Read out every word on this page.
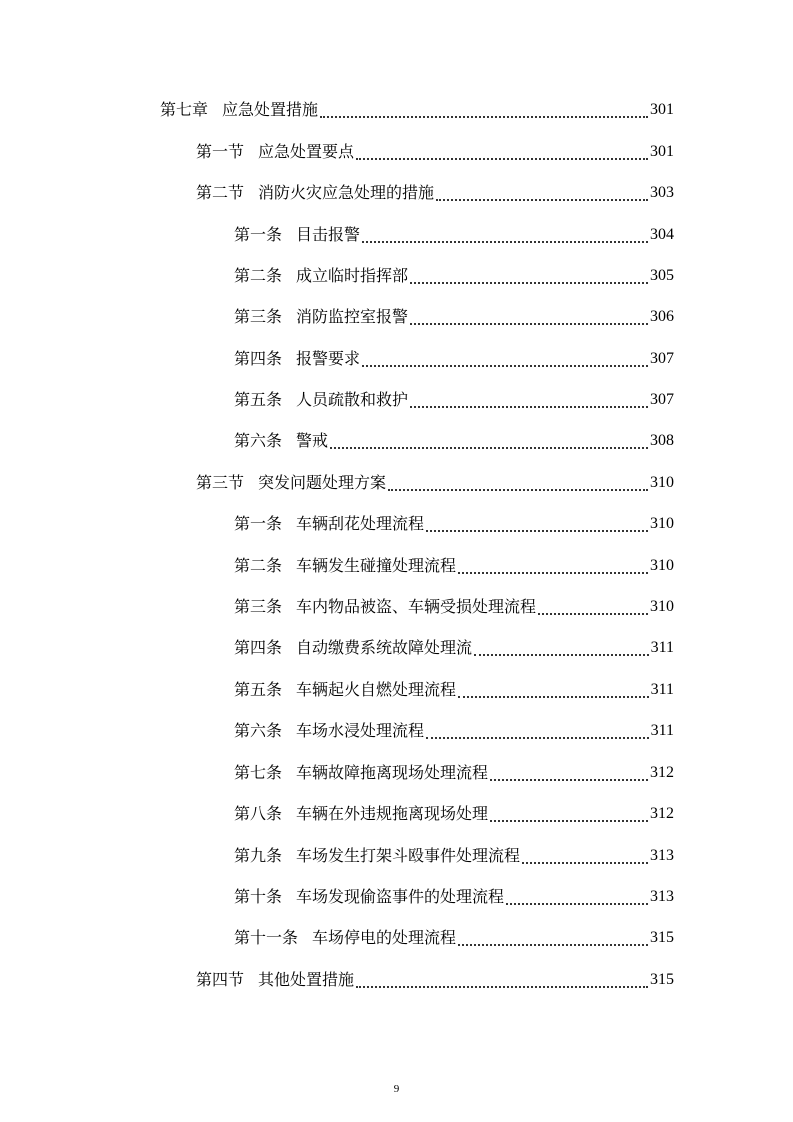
第七章 应急处置措施	301
第一节 应急处置要点	301
第二节 消防火灾应急处理的措施	303
第一条 目击报警	304
第二条 成立临时指挥部	305
第三条 消防监控室报警	306
第四条 报警要求	307
第五条 人员疏散和救护	307
第六条 警戒	308
第三节 突发问题处理方案	310
第一条 车辆刮花处理流程	310
第二条 车辆发生碰撞处理流程	310
第三条 车内物品被盗、车辆受损处理流程	310
第四条 自动缴费系统故障处理流	311
第五条 车辆起火自燃处理流程	311
第六条 车场水浸处理流程	311
第七条 车辆故障拖离现场处理流程	312
第八条 车辆在外违规拖离现场处理	312
第九条 车场发生打架斗殴事件处理流程	313
第十条 车场发现偷盗事件的处理流程	313
第十一条 车场停电的处理流程	315
第四节 其他处置措施	315
9
